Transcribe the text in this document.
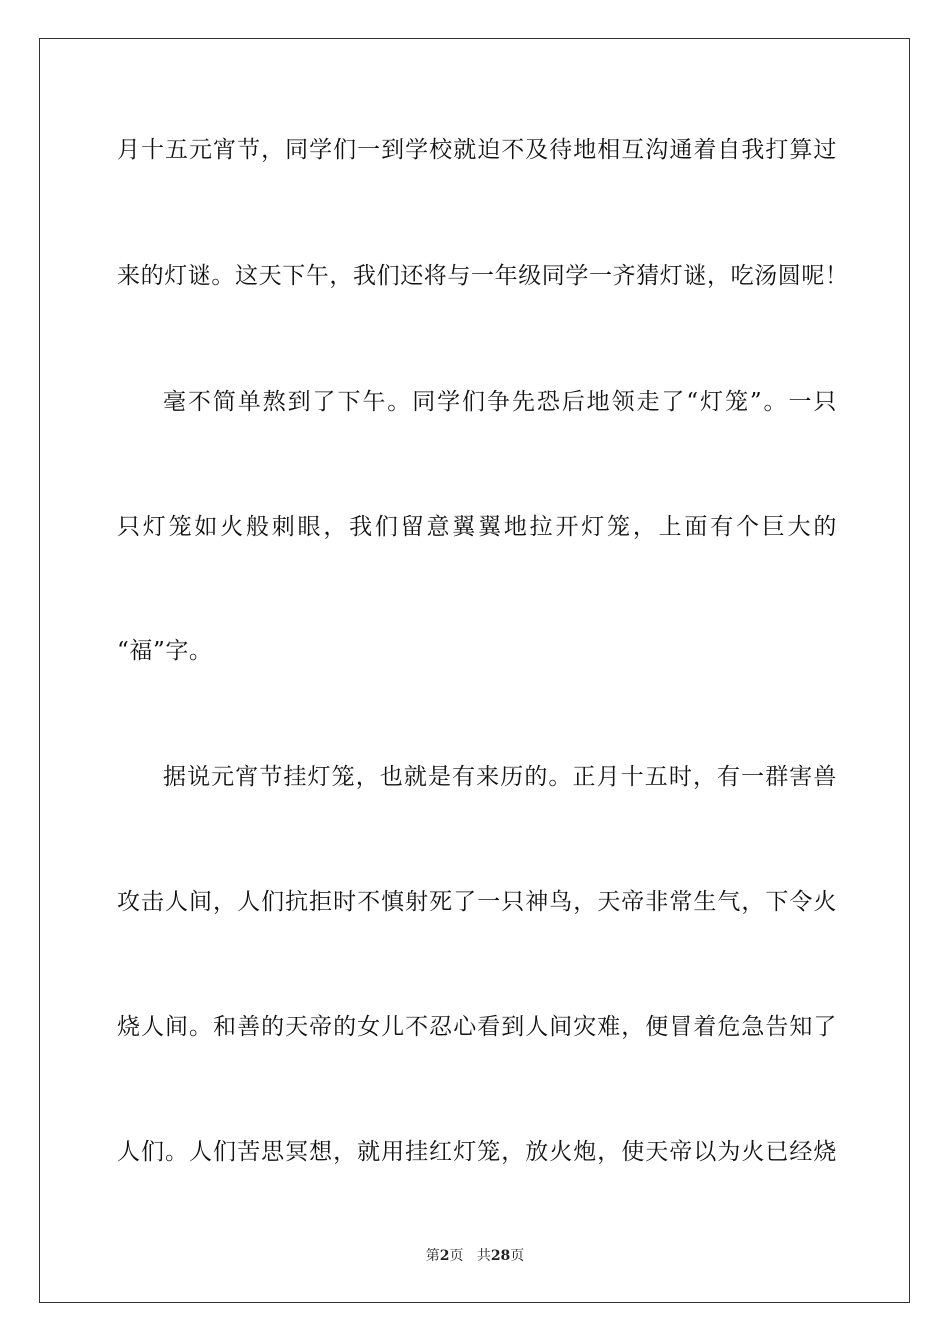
月十五元宵节，同学们一到学校就迫不及待地相互沟通着自我打算过
来的灯谜。这天下午，我们还将与一年级同学一齐猜灯谜，吃汤圆呢！
毫不简单熬到了下午。同学们争先恐后地领走了“灯笼”。一只
只灯笼如火般刺眼，我们留意翼翼地拉开灯笼，上面有个巨大的
“福”字。
据说元宵节挂灯笼，也就是有来历的。正月十五时，有一群害兽
攻击人间，人们抗拒时不慎射死了一只神鸟，天帝非常生气，下令火
烧人间。和善的天帝的女儿不忍心看到人间灾难，便冒着危急告知了
人们。人们苦思冥想，就用挂红灯笼，放火炮，使天帝以为火已经烧
第2页 共28页
